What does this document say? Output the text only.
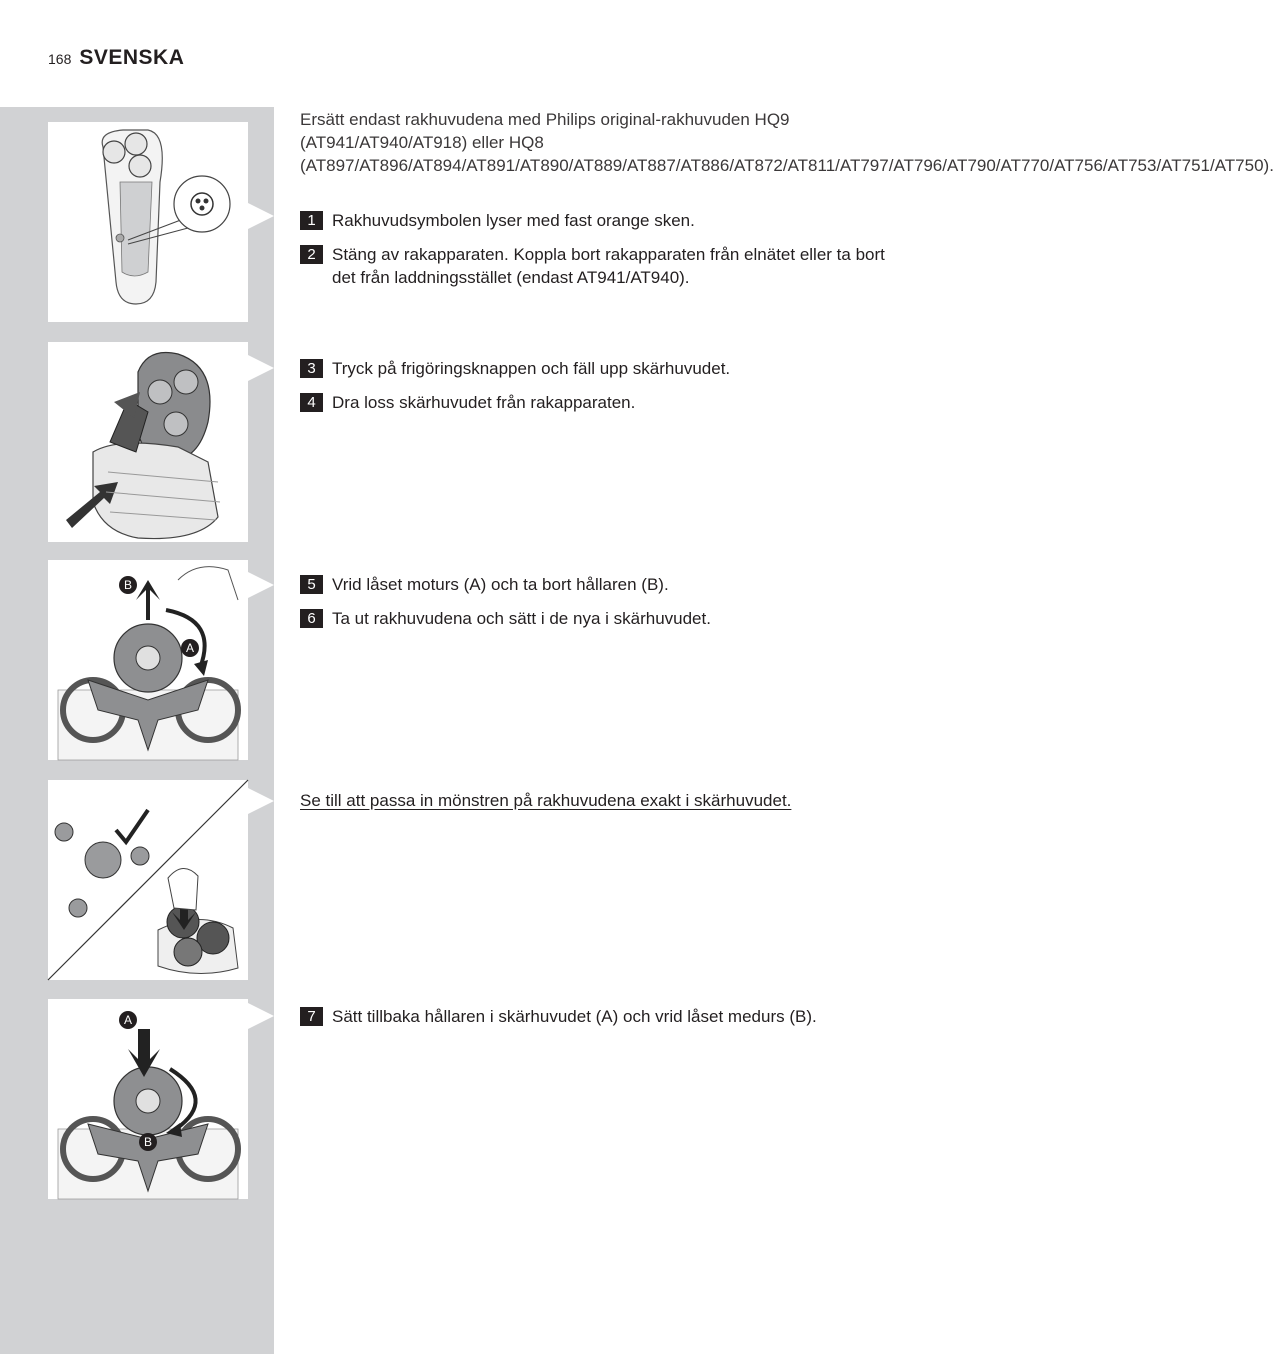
168 SVENSKA
B
A
A
B
Ersätt endast rakhuvudena med Philips original-rakhuvuden HQ9 (AT941/AT940/AT918) eller HQ8 (AT897/AT896/AT894/AT891/AT890/AT889/AT887/AT886/AT872/AT811/AT797/AT796/AT790/AT770/AT756/AT753/AT751/AT750).
1 Rakhuvudsymbolen lyser med fast orange sken.
2 Stäng av rakapparaten. Koppla bort rakapparaten från elnätet eller ta bort det från laddningsstället (endast AT941/AT940).
3 Tryck på frigöringsknappen och fäll upp skärhuvudet.
4 Dra loss skärhuvudet från rakapparaten.
5 Vrid låset moturs (A) och ta bort hållaren (B).
6 Ta ut rakhuvudena och sätt i de nya i skärhuvudet.
Se till att passa in mönstren på rakhuvudena exakt i skärhuvudet.
7 Sätt tillbaka hållaren i skärhuvudet (A) och vrid låset medurs (B).
